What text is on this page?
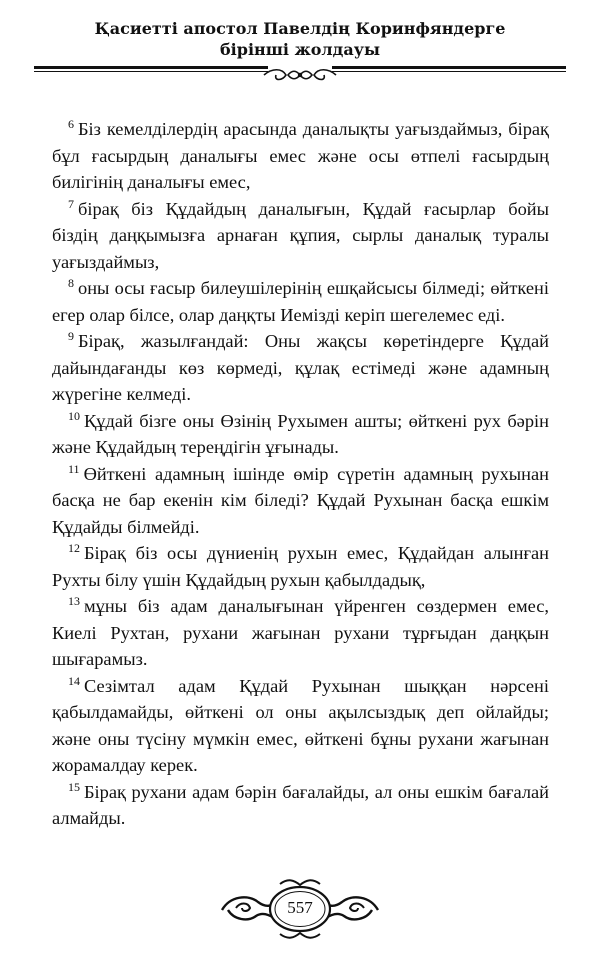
Қасиетті апостол Павелдің Коринфяндерге
бірінші жолдауы

$^6$ Біз кемелділердің арасында даналықты уағыздаймыз, бірақ бұл ғасырдың даналығы емес және осы өтпелі ғасырдың билігінің даналығы емес,

$^7$ бірақ біз Құдайдың даналығын, Құдай ғасырлар бойы біздің даңқымызға арнаған құпия, сырлы даналық туралы уағыздаймыз,

$^8$ оны осы ғасыр билеушілерінің ешқайсысы білмеді; өйткені егер олар білсе, олар даңқты Иемізді керіп шегелемес еді.

$^9$ Бірақ, жазылғандай: Оны жақсы көретіндерге Құдай дайындағанды көз көрмеді, құлақ естімеді және адамның жүрегіне келмеді.

$^{10}$ Құдай бізге оны Өзінің Рухымен ашты; өйткені рух бәрін және Құдайдың тереңдігін ұғынады.

$^{11}$ Өйткені адамның ішінде өмір сүретін адамның рухынан басқа не бар екенін кім біледі? Құдай Рухынан басқа ешкім Құдайды білмейді.

$^{12}$ Бірақ біз осы дүниенің рухын емес, Құдайдан алынған Рухты білу үшін Құдайдың рухын қабылдадық,

$^{13}$ мұны біз адам даналығынан үйренген сөздермен емес, Киелі Рухтан, рухани жағынан рухани тұрғыдан даңқын шығарамыз.

$^{14}$ Сезімтал адам Құдай Рухынан шыққан нәрсені қабылдамайды, өйткені ол оны ақылсыздық деп ойлайды; және оны түсіну мүмкін емес, өйткені бұны рухани жағынан жорамалдау керек.

$^{15}$ Бірақ рухани адам бәрін бағалайды, ал оны ешкім бағалай алмайды.

557
